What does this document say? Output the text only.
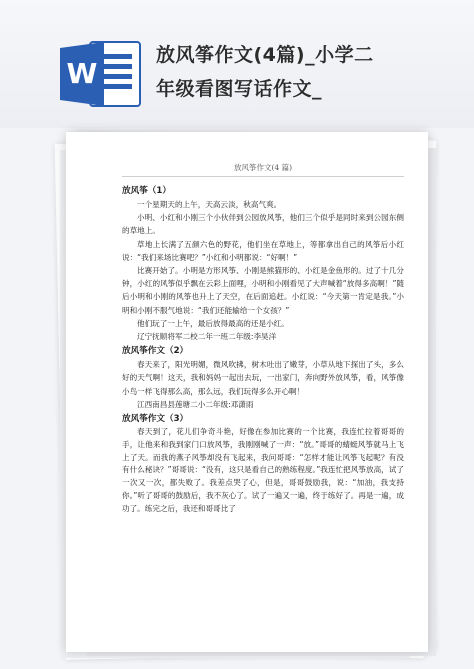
W
放风筝作文(4篇)_小学二
年级看图写话作文_
放风筝作文(4 篇)
放风筝（1）

一个星期天的上午，天高云淡，秋高气爽。

小明、小红和小刚三个小伙伴到公园放风筝，他们三个似乎是同时来到公园东侧的草地上。

草地上长满了五颜六色的野花，他们坐在草地上，等都拿出自己的风筝后小红说：“我们来场比赛吧？”小红和小明都说：“好啊！”

比赛开始了。小明是方形风筝、小刚是熊猫形的、小红是金鱼形的。过了十几分钟，小红的风筝似乎飘在云彩上面哩，小明和小刚看见了大声喊着“放得多高啊！”随后小明和小刚的风筝也升上了天空，在后面追赶。小红说：“今天第一肯定是我。”小明和小刚不服气地说：“我们还能输给一个女孩？”

他们玩了一上午，最后放得最高的还是小红。

辽宁抚顺将军二校二年一班二年级:李昊洋

放风筝作文（2）

春天来了，阳光明媚，微风吹拂，树木吐出了嫩芽，小草从地下探出了头，多么好的天气啊！这天，我和妈妈一起出去玩，一出家门，奔向野外放风筝，看，风筝像小鸟一样飞得那么高，那么远，我们玩得多么开心啊！

江西南昌县莲塘二小二年级:邓潇雨

放风筝作文（3）

春天到了，花儿们争奇斗艳，好像在参加比赛的一个比赛，我连忙拉着哥哥的手，让他来和我到家门口放风筝，我刚刚喊了一声：“放。”哥哥的蜻蜓风筝就马上飞上了天。而我的燕子风筝却没有飞起来，我问哥哥：“怎样才能让风筝飞起呢？有没有什么秘诀？”哥哥说：“没有，这只是看自己的熟练程度。”我连忙把风筝放高，试了一次又一次，都失败了。我差点哭了心，但是，哥哥鼓励我，说：“加油，我支持你。”听了哥哥的鼓励后，我不灰心了。试了一遍又一遍，终于练好了。再是一遍，成功了。练完之后，我还和哥哥比了
